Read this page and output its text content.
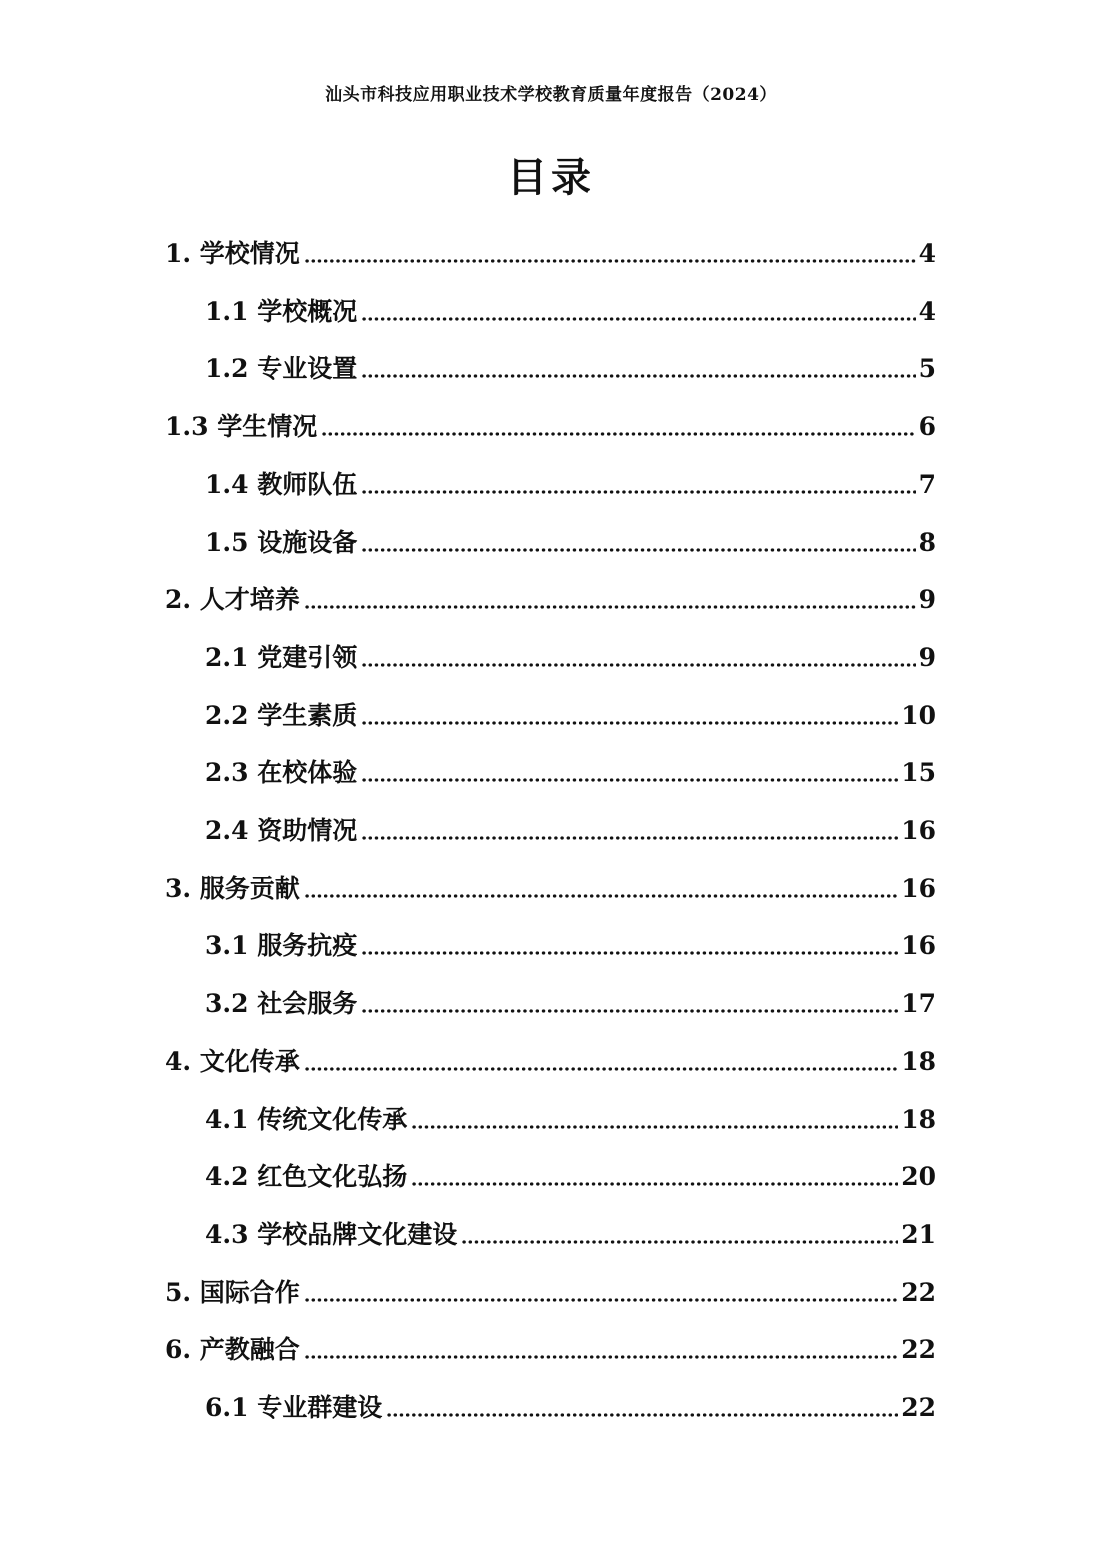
汕头市科技应用职业技术学校教育质量年度报告（2024）
目录
1. 学校情况	4
1.1 学校概况	4
1.2 专业设置	5
1.3 学生情况	6
1.4 教师队伍	7
1.5 设施设备	8
2. 人才培养	9
2.1 党建引领	9
2.2 学生素质	10
2.3 在校体验	15
2.4 资助情况	16
3. 服务贡献	16
3.1 服务抗疫	16
3.2 社会服务	17
4. 文化传承	18
4.1 传统文化传承	18
4.2 红色文化弘扬	20
4.3 学校品牌文化建设	21
5. 国际合作	22
6. 产教融合	22
6.1 专业群建设	22
